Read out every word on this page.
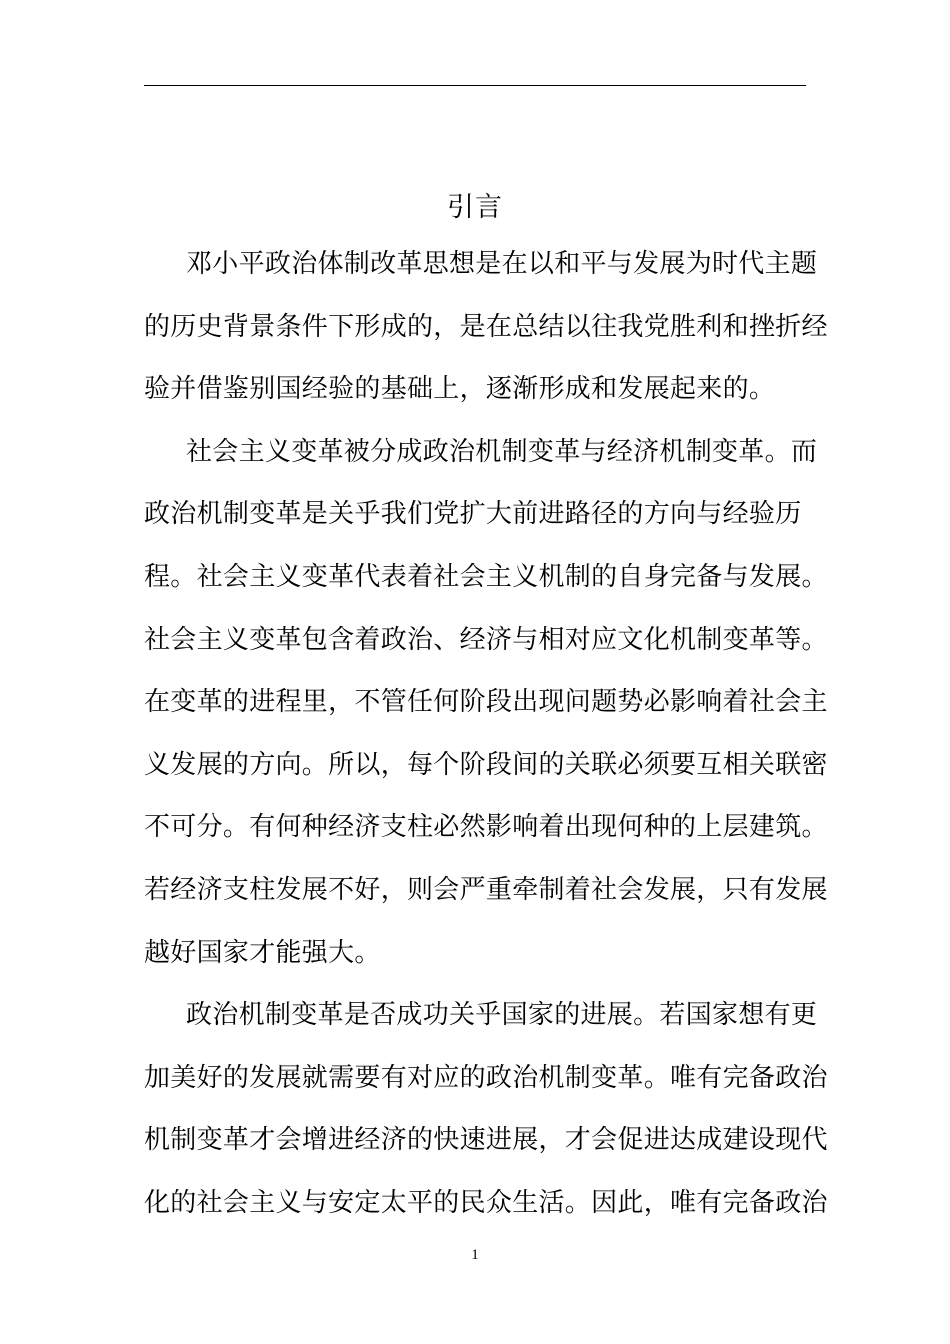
引言
邓小平政治体制改革思想是在以和平与发展为时代主题
的历史背景条件下形成的，是在总结以往我党胜利和挫折经
验并借鉴别国经验的基础上，逐渐形成和发展起来的。
社会主义变革被分成政治机制变革与经济机制变革。而
政治机制变革是关乎我们党扩大前进路径的方向与经验历
程。社会主义变革代表着社会主义机制的自身完备与发展。
社会主义变革包含着政治、经济与相对应文化机制变革等。
在变革的进程里，不管任何阶段出现问题势必影响着社会主
义发展的方向。所以，每个阶段间的关联必须要互相关联密
不可分。有何种经济支柱必然影响着出现何种的上层建筑。
若经济支柱发展不好，则会严重牵制着社会发展，只有发展
越好国家才能强大。
政治机制变革是否成功关乎国家的进展。若国家想有更
加美好的发展就需要有对应的政治机制变革。唯有完备政治
机制变革才会增进经济的快速进展，才会促进达成建设现代
化的社会主义与安定太平的民众生活。因此，唯有完备政治
1
